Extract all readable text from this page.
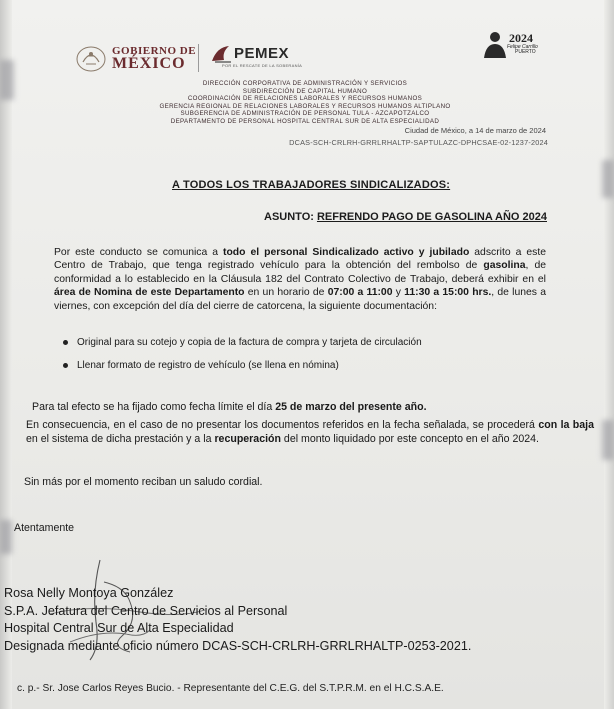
GOBIERNO DE
MÉXICO
PEMEX
POR EL RESCATE DE LA SOBERANÍA
2024
Felipe Carrillo
PUERTO
DIRECCIÓN CORPORATIVA DE ADMINISTRACIÓN Y SERVICIOS
SUBDIRECCIÓN DE CAPITAL HUMANO
COORDINACIÓN DE RELACIONES LABORALES Y RECURSOS HUMANOS
GERENCIA REGIONAL DE RELACIONES LABORALES Y RECURSOS HUMANOS ALTIPLANO
SUBGERENCIA DE ADMINISTRACIÓN DE PERSONAL TULA - AZCAPOTZALCO
DEPARTAMENTO DE PERSONAL HOSPITAL CENTRAL SUR DE ALTA ESPECIALIDAD
Ciudad de México, a 14 de marzo de 2024
DCAS-SCH-CRLRH-GRRLRHALTP-SAPTULAZC-DPHCSAE-02-1237-2024
A TODOS LOS TRABAJADORES SINDICALIZADOS:
ASUNTO: REFRENDO PAGO DE GASOLINA AÑO 2024
Por este conducto se comunica a todo el personal Sindicalizado activo y jubilado adscrito a este Centro de Trabajo, que tenga registrado vehículo para la obtención del rembolso de gasolina, de conformidad a lo establecido en la Cláusula 182 del Contrato Colectivo de Trabajo, deberá exhibir en el área de Nomina de este Departamento en un horario de 07:00 a 11:00 y 11:30 a 15:00 hrs., de lunes a viernes, con excepción del día del cierre de catorcena, la siguiente documentación:
Original para su cotejo y copia de la factura de compra y tarjeta de circulación
Llenar formato de registro de vehículo (se llena en nómina)
Para tal efecto se ha fijado como fecha límite el día 25 de marzo del presente año.
En consecuencia, en el caso de no presentar los documentos referidos en la fecha señalada, se procederá con la baja en el sistema de dicha prestación y a la recuperación del monto liquidado por este concepto en el año 2024.
Sin más por el momento reciban un saludo cordial.
Atentamente
Rosa Nelly Montoya González
S.P.A. Jefatura del Centro de Servicios al Personal
Hospital Central Sur de Alta Especialidad
Designada mediante oficio número DCAS-SCH-CRLRH-GRRLRHALTP-0253-2021.
c. p.- Sr. Jose Carlos Reyes Bucio. - Representante del C.E.G. del S.T.P.R.M. en el H.C.S.A.E.
